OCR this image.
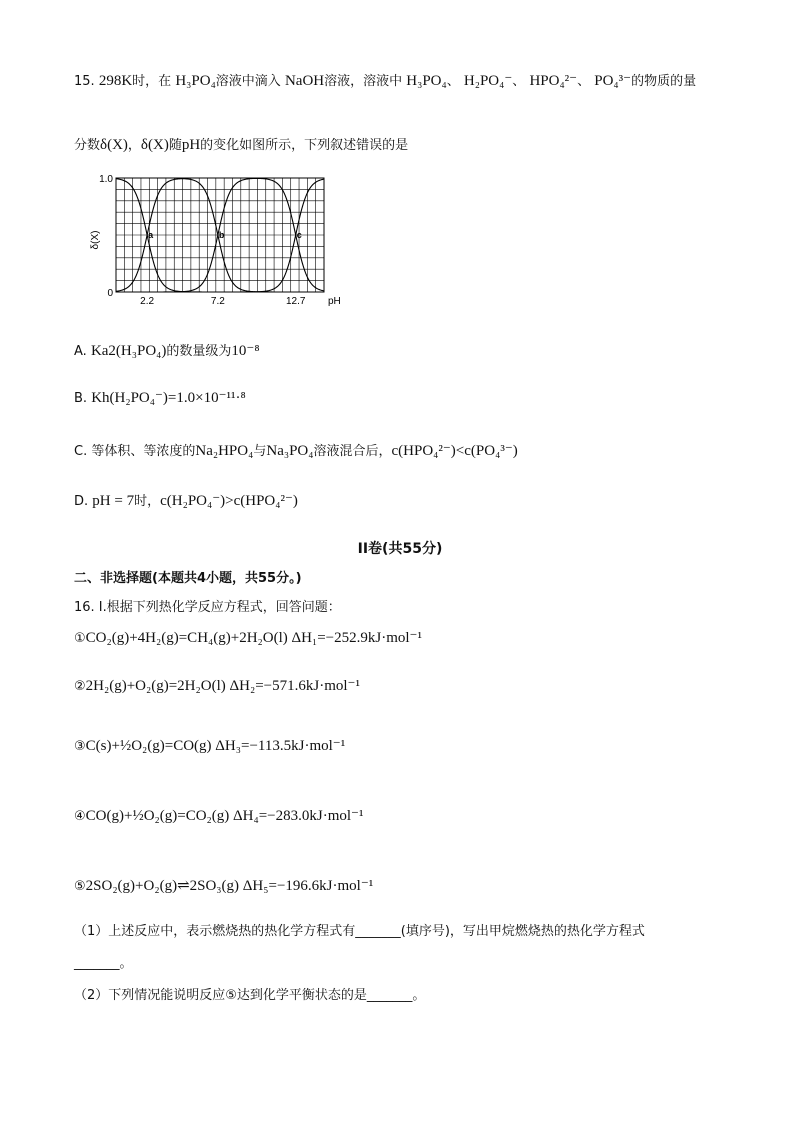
15. 298K时，在 H₃PO₄溶液中滴入 NaOH溶液，溶液中 H₃PO₄、 H₂PO₄⁻、 HPO₄²⁻、 PO₄³⁻的物质的量
分数δ(X)，δ(X)随pH的变化如图所示，下列叙述错误的是
a	b	c
2.2	7.2	12.7 pH
1.0
0
δ(X)
A. Ka2(H₃PO₄)的数量级为10⁻⁸
B. Kh(H₂PO₄⁻)=1.0×10⁻¹¹·⁸
C. 等体积、等浓度的Na₂HPO₄与Na₃PO₄溶液混合后，c(HPO₄²⁻)<c(PO₄³⁻)
D. pH = 7时，c(H₂PO₄⁻)>c(HPO₄²⁻)
II卷(共55分)
二、非选择题(本题共4小题，共55分。)
16. I.根据下列热化学反应方程式，回答问题：
①CO₂(g)+4H₂(g)=CH₄(g)+2H₂O(l) ΔH₁=−252.9kJ·mol⁻¹
②2H₂(g)+O₂(g)=2H₂O(l) ΔH₂=−571.6kJ·mol⁻¹
③C(s)+½O₂(g)=CO(g) ΔH₃=−113.5kJ·mol⁻¹
④CO(g)+½O₂(g)=CO₂(g) ΔH₄=−283.0kJ·mol⁻¹
⑤2SO₂(g)+O₂(g)⇌2SO₃(g) ΔH₅=−196.6kJ·mol⁻¹
（1）上述反应中，表示燃烧热的热化学方程式有_______(填序号)，写出甲烷燃烧热的热化学方程式
_______。
（2）下列情况能说明反应⑤达到化学平衡状态的是_______。
